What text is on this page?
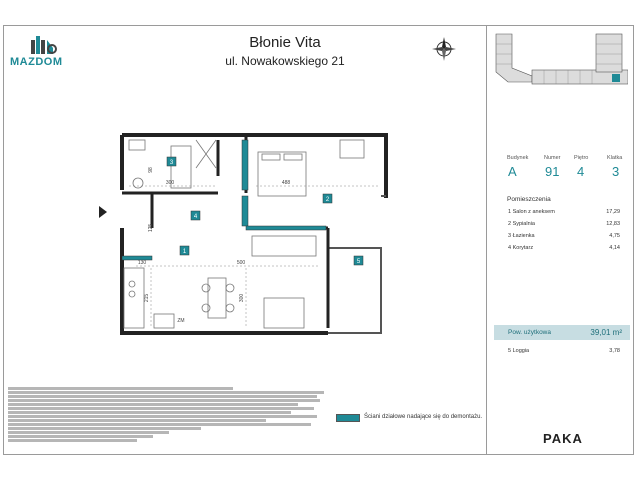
MAZDOM
Błonie Vita
ul. Nowakowskiego 21
3
4
2
1
5
98
300	488
125
130	500
215	300
ZM
Budynek	Numer Piętro	Klatka
A 91 4 3
Pomieszczenia
1 Salon z aneksem	17,29
2 Sypialnia	12,83
3 Łazienka	4,75
4 Korytarz	4,14
Pow. użytkowa	39,01 m²
5 Loggia	3,78
Ściani działowe nadające się do demontażu.
PAKA
